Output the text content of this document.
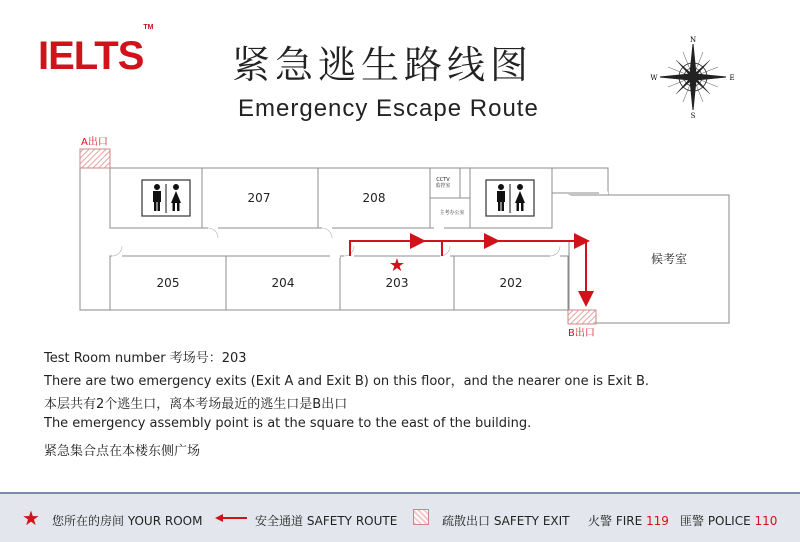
IELTS™
紧急逃生路线图
Emergency Escape Route
N
S
E
W
207	208
205	204	203	202
候考室
CCTV
监控室
主考办公室
A出口
B出口
★
Test Room number 考场号：203
There are two emergency exits (Exit A and Exit B) on this floor，and the nearer one is Exit B.
本层共有2个逃生口，离本考场最近的逃生口是B出口
The emergency assembly point is at the square to the east of the building.
紧急集合点在本楼东侧广场
★ 您所在的房间 YOUR ROOM	安全通道 SAFETY ROUTE	疏散出口 SAFETY EXIT 火警 FIRE 119 匪警 POLICE 110
